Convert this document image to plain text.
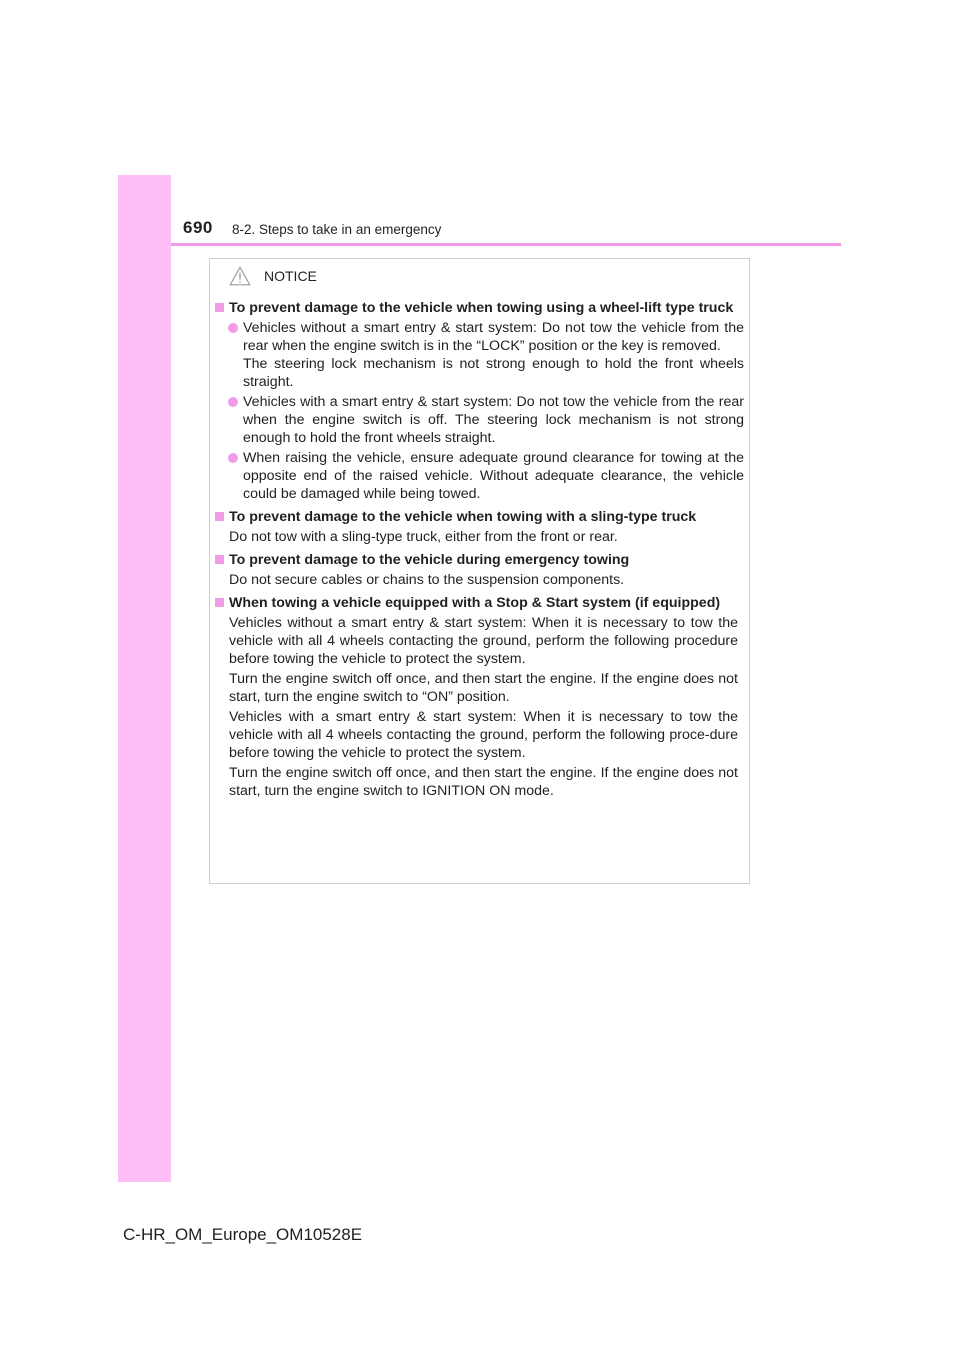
690 8-2. Steps to take in an emergency
NOTICE
To prevent damage to the vehicle when towing using a wheel-lift type truck
Vehicles without a smart entry & start system: Do not tow the vehicle from the rear when the engine switch is in the “LOCK” position or the key is removed.
The steering lock mechanism is not strong enough to hold the front wheels straight.
Vehicles with a smart entry & start system: Do not tow the vehicle from the rear when the engine switch is off. The steering lock mechanism is not strong enough to hold the front wheels straight.
When raising the vehicle, ensure adequate ground clearance for towing at the opposite end of the raised vehicle. Without adequate clearance, the vehicle could be damaged while being towed.
To prevent damage to the vehicle when towing with a sling-type truck
Do not tow with a sling-type truck, either from the front or rear.
To prevent damage to the vehicle during emergency towing
Do not secure cables or chains to the suspension components.
When towing a vehicle equipped with a Stop & Start system (if equipped)
Vehicles without a smart entry & start system: When it is necessary to tow the vehicle with all 4 wheels contacting the ground, perform the following procedure before towing the vehicle to protect the system.
Turn the engine switch off once, and then start the engine. If the engine does not start, turn the engine switch to “ON” position.
Vehicles with a smart entry & start system: When it is necessary to tow the vehicle with all 4 wheels contacting the ground, perform the following proce-dure before towing the vehicle to protect the system.
Turn the engine switch off once, and then start the engine. If the engine does not start, turn the engine switch to IGNITION ON mode.
C-HR_OM_Europe_OM10528E
